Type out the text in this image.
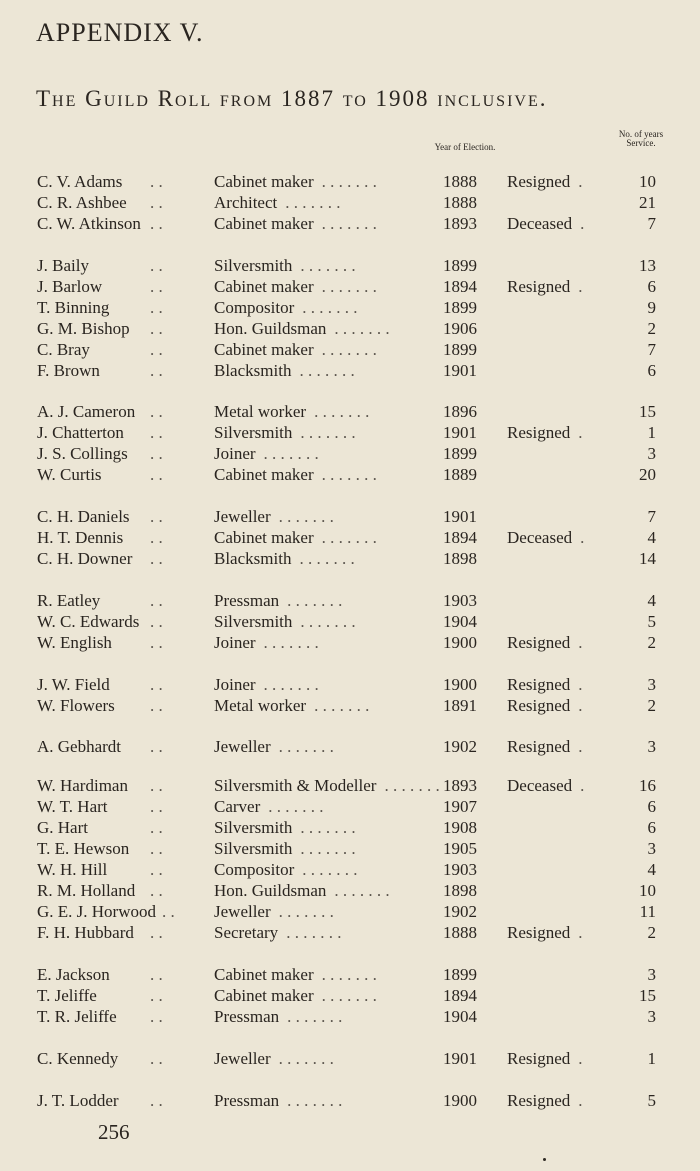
APPENDIX V.
The Guild Roll from 1887 to 1908 inclusive.
Year of Election.
No. of years Service.
C. V. Adams . .	Cabinet maker . . . . . . .	1888 Resigned .	10
C. R. Ashbee . .	Architect . . . . . . .	1888	21
C. W. Atkinson . .	Cabinet maker . . . . . . .	1893 Deceased .	7
J. Baily	. .	Silversmith . . . . . . .	1899	13
J. Barlow	. .	Cabinet maker . . . . . . .	1894 Resigned .	6
T. Binning . .	Compositor . . . . . . .	1899	9
G. M. Bishop . .	Hon. Guildsman . . . . . . .	1906	2
C. Bray	. .	Cabinet maker . . . . . . .	1899	7
F. Brown	. .	Blacksmith . . . . . . .	1901	6
A. J. Cameron . .	Metal worker . . . . . . .	1896	15
J. Chatterton . .	Silversmith . . . . . . .	1901 Resigned .	1
J. S. Collings . .	Joiner . . . . . . .	1899	3
W. Curtis	. .	Cabinet maker . . . . . . .	1889	20
C. H. Daniels . .	Jeweller . . . . . . .	1901	7
H. T. Dennis . .	Cabinet maker . . . . . . .	1894 Deceased .	4
C. H. Downer . .	Blacksmith . . . . . . .	1898	14
R. Eatley	. .	Pressman . . . . . . .	1903	4
W. C. Edwards . .	Silversmith . . . . . . .	1904	5
W. English . .	Joiner . . . . . . .	1900 Resigned .	2
J. W. Field . .	Joiner . . . . . . .	1900 Resigned .	3
W. Flowers . .	Metal worker . . . . . . .	1891 Resigned .	2
A. Gebhardt . .	Jeweller . . . . . . .	1902 Resigned .	3
W. Hardiman . .	Silversmith & Modeller . . . . . . . 1893 Deceased .	16
W. T. Hart . .	Carver . . . . . . .	1907	6
G. Hart	. .	Silversmith . . . . . . .	1908	6
T. E. Hewson . .	Silversmith . . . . . . .	1905	3
W. H. Hill	. .	Compositor . . . . . . .	1903	4
R. M. Holland . .	Hon. Guildsman . . . . . . .	1898	10
G. E. J. Horwood . . Jeweller . . . . . . .	1902	11
F. H. Hubbard . .	Secretary . . . . . . .	1888 Resigned .	2
E. Jackson . .	Cabinet maker . . . . . . .	1899	3
T. Jeliffe	. .	Cabinet maker . . . . . . .	1894	15
T. R. Jeliffe . .	Pressman . . . . . . .	1904	3
C. Kennedy . .	Jeweller . . . . . . .	1901 Resigned .	1
J. T. Lodder . .	Pressman . . . . . . .	1900 Resigned .	5
256
